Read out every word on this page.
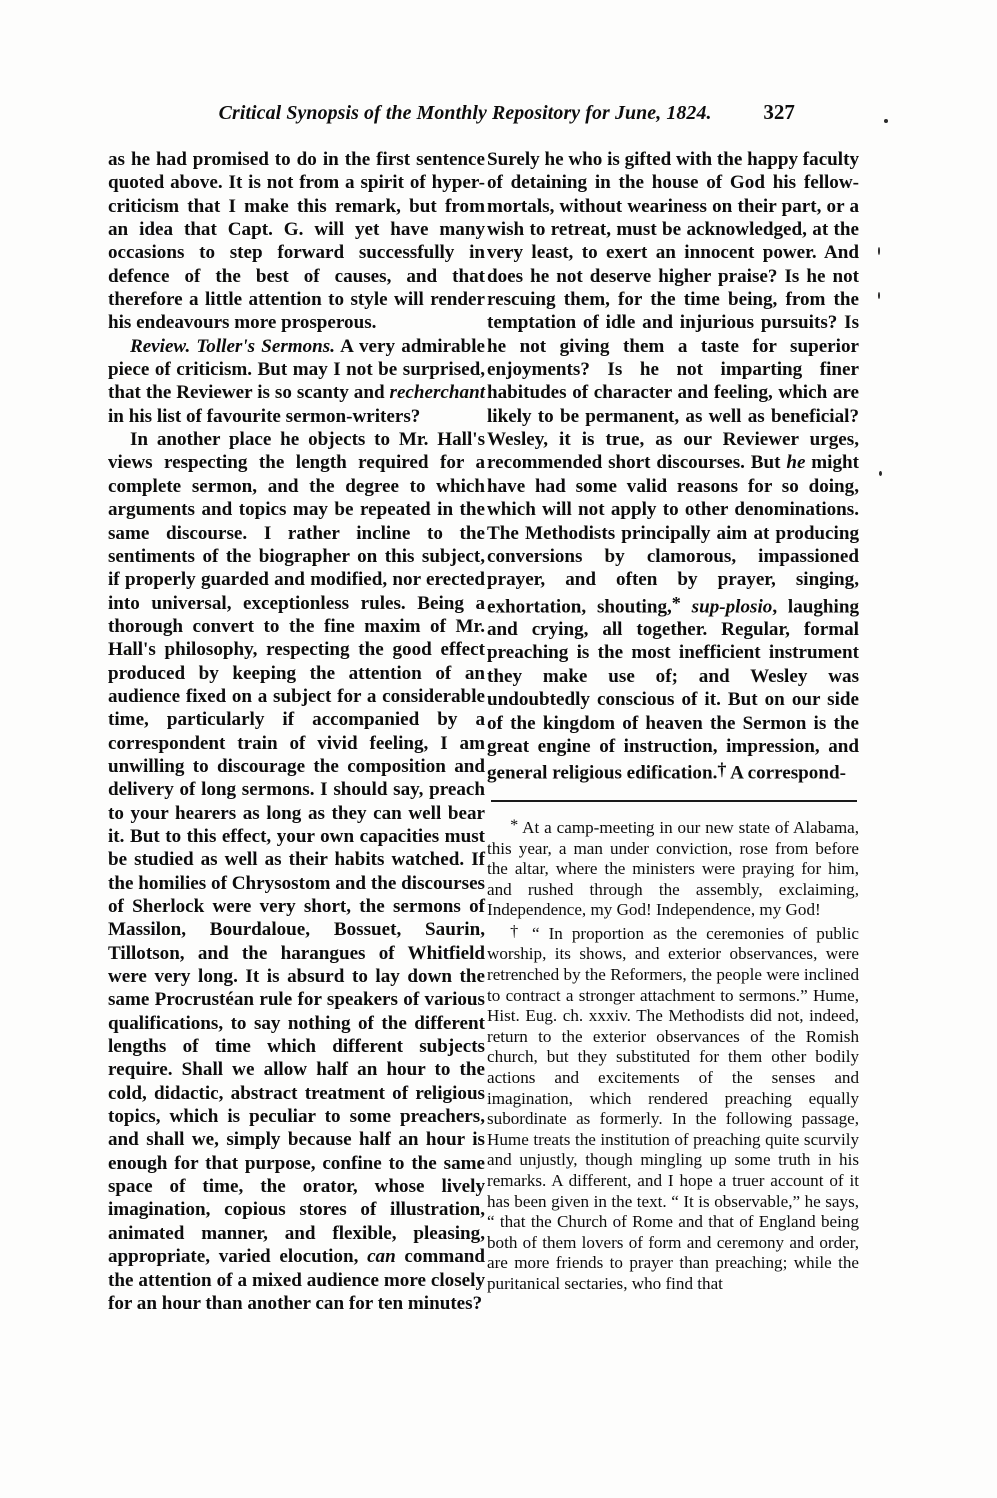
Critical Synopsis of the Monthly Repository for June, 1824. 327

as he had promised to do in the first sentence quoted above. It is not from a spirit of hyper-criticism that I make this remark, but from an idea that Capt. G. will yet have many occasions to step forward successfully in defence of the best of causes, and that therefore a little attention to style will render his endeavours more prosperous.

Review. Toller's Sermons. A very admirable piece of criticism. But may I not be surprised, that the Reviewer is so scanty and recherchant in his list of favourite sermon-writers?

In another place he objects to Mr. Hall's views respecting the length required for a complete sermon, and the degree to which arguments and topics may be repeated in the same discourse. I rather incline to the sentiments of the biographer on this subject, if properly guarded and modified, nor erected into universal, exceptionless rules. Being a thorough convert to the fine maxim of Mr. Hall's philosophy, respecting the good effect produced by keeping the attention of an audience fixed on a subject for a considerable time, particularly if accompanied by a correspondent train of vivid feeling, I am unwilling to discourage the composition and delivery of long sermons. I should say, preach to your hearers as long as they can well bear it. But to this effect, your own capacities must be studied as well as their habits watched. If the homilies of Chrysostom and the discourses of Sherlock were very short, the sermons of Massilon, Bourdaloue, Bossuet, Saurin, Tillotson, and the harangues of Whitfield were very long. It is absurd to lay down the same Procrustéan rule for speakers of various qualifications, to say nothing of the different lengths of time which different subjects require. Shall we allow half an hour to the cold, didactic, abstract treatment of religious topics, which is peculiar to some preachers, and shall we, simply because half an hour is enough for that purpose, confine to the same space of time, the orator, whose lively imagination, copious stores of illustration, animated manner, and flexible, pleasing, appropriate, varied elocution, can command the attention of a mixed audience more closely for an hour than another can for ten minutes?

Surely he who is gifted with the happy faculty of detaining in the house of God his fellow-mortals, without weariness on their part, or a wish to retreat, must be acknowledged, at the very least, to exert an innocent power. And does he not deserve higher praise? Is he not rescuing them, for the time being, from the temptation of idle and injurious pursuits? Is he not giving them a taste for superior enjoyments? Is he not imparting finer habitudes of character and feeling, which are likely to be permanent, as well as beneficial? Wesley, it is true, as our Reviewer urges, recommended short discourses. But he might have had some valid reasons for so doing, which will not apply to other denominations. The Methodists principally aim at producing conversions by clamorous, impassioned prayer, and often by prayer, singing, exhortation, shouting,* sup-plosio, laughing and crying, all together. Regular, formal preaching is the most inefficient instrument they make use of; and Wesley was undoubtedly conscious of it. But on our side of the kingdom of heaven the Sermon is the great engine of instruction, impression, and general religious edification.† A correspond-

* At a camp-meeting in our new state of Alabama, this year, a man under conviction, rose from before the altar, where the ministers were praying for him, and rushed through the assembly, exclaiming, Independence, my God! Independence, my God!

† “ In proportion as the ceremonies of public worship, its shows, and exterior observances, were retrenched by the Reformers, the people were inclined to contract a stronger attachment to sermons.” Hume, Hist. Eug. ch. xxxiv. The Methodists did not, indeed, return to the exterior observances of the Romish church, but they substituted for them other bodily actions and excitements of the senses and imagination, which rendered preaching equally subordinate as formerly. In the following passage, Hume treats the institution of preaching quite scurvily and unjustly, though mingling up some truth in his remarks. A different, and I hope a truer account of it has been given in the text. “ It is observable,” he says, “ that the Church of Rome and that of England being both of them lovers of form and ceremony and order, are more friends to prayer than preaching; while the puritanical sectaries, who find that
